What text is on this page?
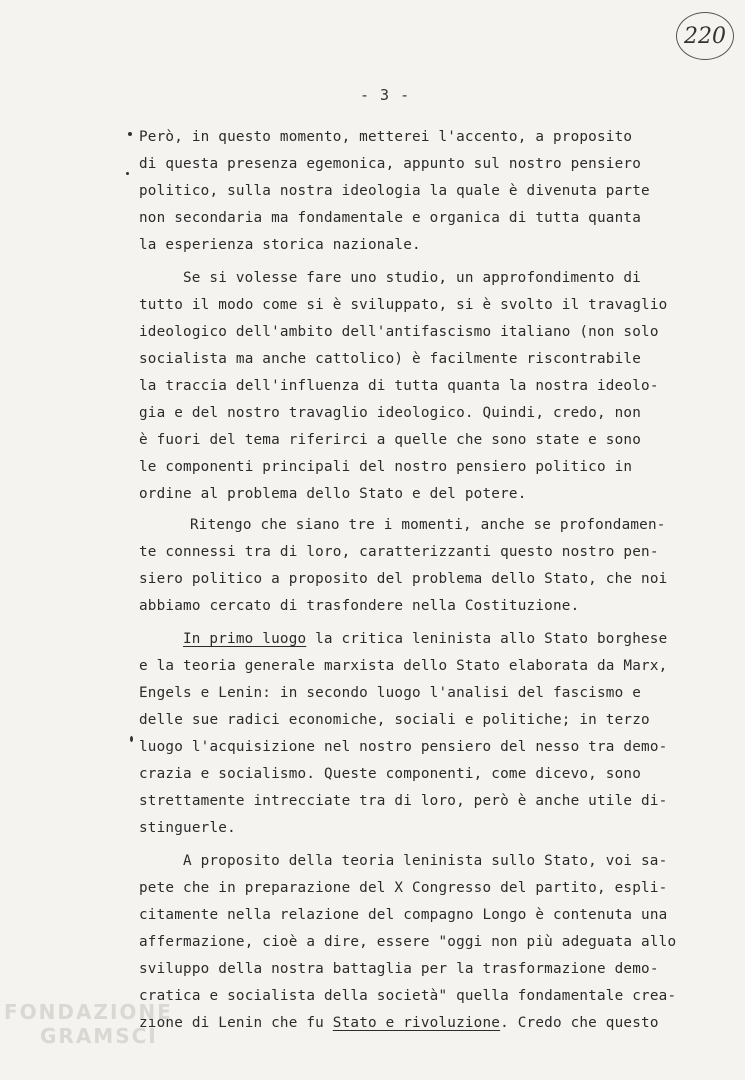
220
- 3 -
Però, in questo momento, metterei l'accento, a proposito
di questa presenza egemonica, appunto sul nostro pensiero
politico, sulla nostra ideologia la quale è divenuta parte
non secondaria ma fondamentale e organica di tutta quanta
la esperienza storica nazionale.
Se si volesse fare uno studio, un approfondimento di
tutto il modo come si è sviluppato, si è svolto il travaglio
ideologico dell'ambito dell'antifascismo italiano (non solo
socialista ma anche cattolico) è facilmente riscontrabile
la traccia dell'influenza di tutta quanta la nostra ideolo-
gia e del nostro travaglio ideologico. Quindi, credo, non
è fuori del tema riferirci a quelle che sono state e sono
le componenti principali del nostro pensiero politico in
ordine al problema dello Stato e del potere.
Ritengo che siano tre i momenti, anche se profondamen-
te connessi tra di loro, caratterizzanti questo nostro pen-
siero politico a proposito del problema dello Stato, che noi
abbiamo cercato di trasfondere nella Costituzione.
In primo luogo la critica leninista allo Stato borghese
e la teoria generale marxista dello Stato elaborata da Marx,
Engels e Lenin: in secondo luogo l'analisi del fascismo e
delle sue radici economiche, sociali e politiche; in terzo
luogo l'acquisizione nel nostro pensiero del nesso tra demo-
crazia e socialismo. Queste componenti, come dicevo, sono
strettamente intrecciate tra di loro, però è anche utile di-
stinguerle.
A proposito della teoria leninista sullo Stato, voi sa-
pete che in preparazione del X Congresso del partito, espli-
citamente nella relazione del compagno Longo è contenuta una
affermazione, cioè a dire, essere "oggi non più adeguata allo
sviluppo della nostra battaglia per la trasformazione demo-
cratica e socialista della società" quella fondamentale crea-
zione di Lenin che fu Stato e rivoluzione. Credo che questo
FONDAZIONE
GRAMSCI
